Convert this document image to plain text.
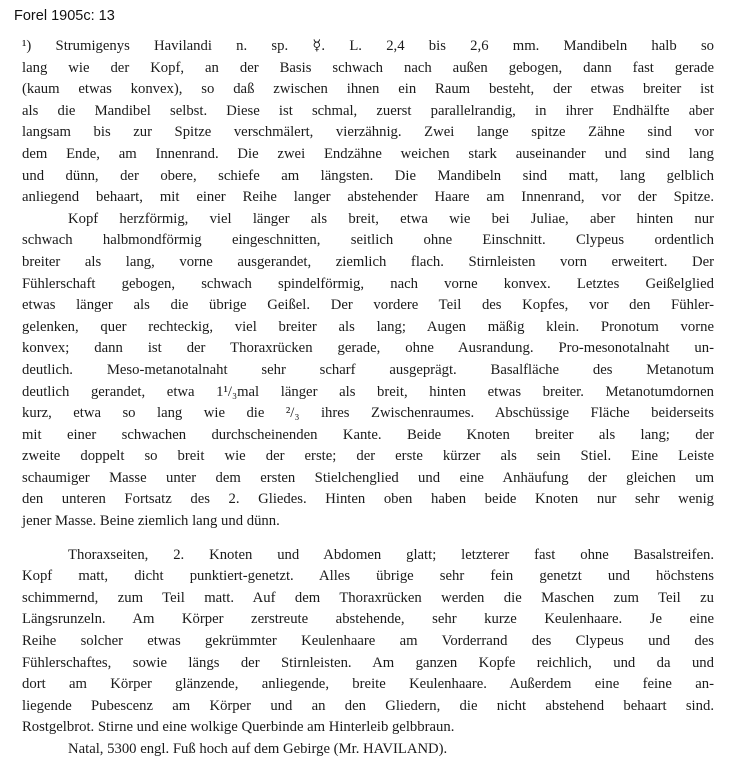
Forel 1905c: 13
¹) Strumigenys Havilandi n. sp. ☿. L. 2,4 bis 2,6 mm. Mandibeln halb so
lang wie der Kopf, an der Basis schwach nach außen gebogen, dann fast gerade
(kaum etwas konvex), so daß zwischen ihnen ein Raum besteht, der etwas breiter ist
als die Mandibel selbst. Diese ist schmal, zuerst parallelrandig, in ihrer Endhälfte aber
langsam bis zur Spitze verschmälert, vierzähnig. Zwei lange spitze Zähne sind vor
dem Ende, am Innenrand. Die zwei Endzähne weichen stark auseinander und sind lang
und dünn, der obere, schiefe am längsten. Die Mandibeln sind matt, lang gelblich
anliegend behaart, mit einer Reihe langer abstehender Haare am Innenrand, vor der Spitze.
Kopf herzförmig, viel länger als breit, etwa wie bei Juliae, aber hinten nur
schwach halbmondförmig eingeschnitten, seitlich ohne Einschnitt. Clypeus ordentlich
breiter als lang, vorne ausgerandet, ziemlich flach. Stirnleisten vorn erweitert. Der
Fühlerschaft gebogen, schwach spindelförmig, nach vorne konvex. Letztes Geißelglied
etwas länger als die übrige Geißel. Der vordere Teil des Kopfes, vor den Fühler-
gelenken, quer rechteckig, viel breiter als lang; Augen mäßig klein. Pronotum vorne
konvex; dann ist der Thoraxrücken gerade, ohne Ausrandung. Pro-mesonotalnaht un-
deutlich. Meso-metanotalnaht sehr scharf ausgeprägt. Basalfläche des Metanotum
deutlich gerandet, etwa 1¹/₃mal länger als breit, hinten etwas breiter. Metanotumdornen
kurz, etwa so lang wie die ²/₃ ihres Zwischenraumes. Abschüssige Fläche beiderseits
mit einer schwachen durchscheinenden Kante. Beide Knoten breiter als lang; der
zweite doppelt so breit wie der erste; der erste kürzer als sein Stiel. Eine Leiste
schaumiger Masse unter dem ersten Stielchenglied und eine Anhäufung der gleichen um
den unteren Fortsatz des 2. Gliedes. Hinten oben haben beide Knoten nur sehr wenig
jener Masse. Beine ziemlich lang und dünn.
Thoraxseiten, 2. Knoten und Abdomen glatt; letzterer fast ohne Basalstreifen.
Kopf matt, dicht punktiert-genetzt. Alles übrige sehr fein genetzt und höchstens
schimmernd, zum Teil matt. Auf dem Thoraxrücken werden die Maschen zum Teil zu
Längsrunzeln. Am Körper zerstreute abstehende, sehr kurze Keulenhaare. Je eine
Reihe solcher etwas gekrümmter Keulenhaare am Vorderrand des Clypeus und des
Fühlerschaftes, sowie längs der Stirnleisten. Am ganzen Kopfe reichlich, und da und
dort am Körper glänzende, anliegende, breite Keulenhaare. Außerdem eine feine an-
liegende Pubescenz am Körper und an den Gliedern, die nicht abstehend behaart sind.
Rostgelbrot. Stirne und eine wolkige Querbinde am Hinterleib gelbbraun.
Natal, 5300 engl. Fuß hoch auf dem Gebirge (Mr. HAVILAND).
